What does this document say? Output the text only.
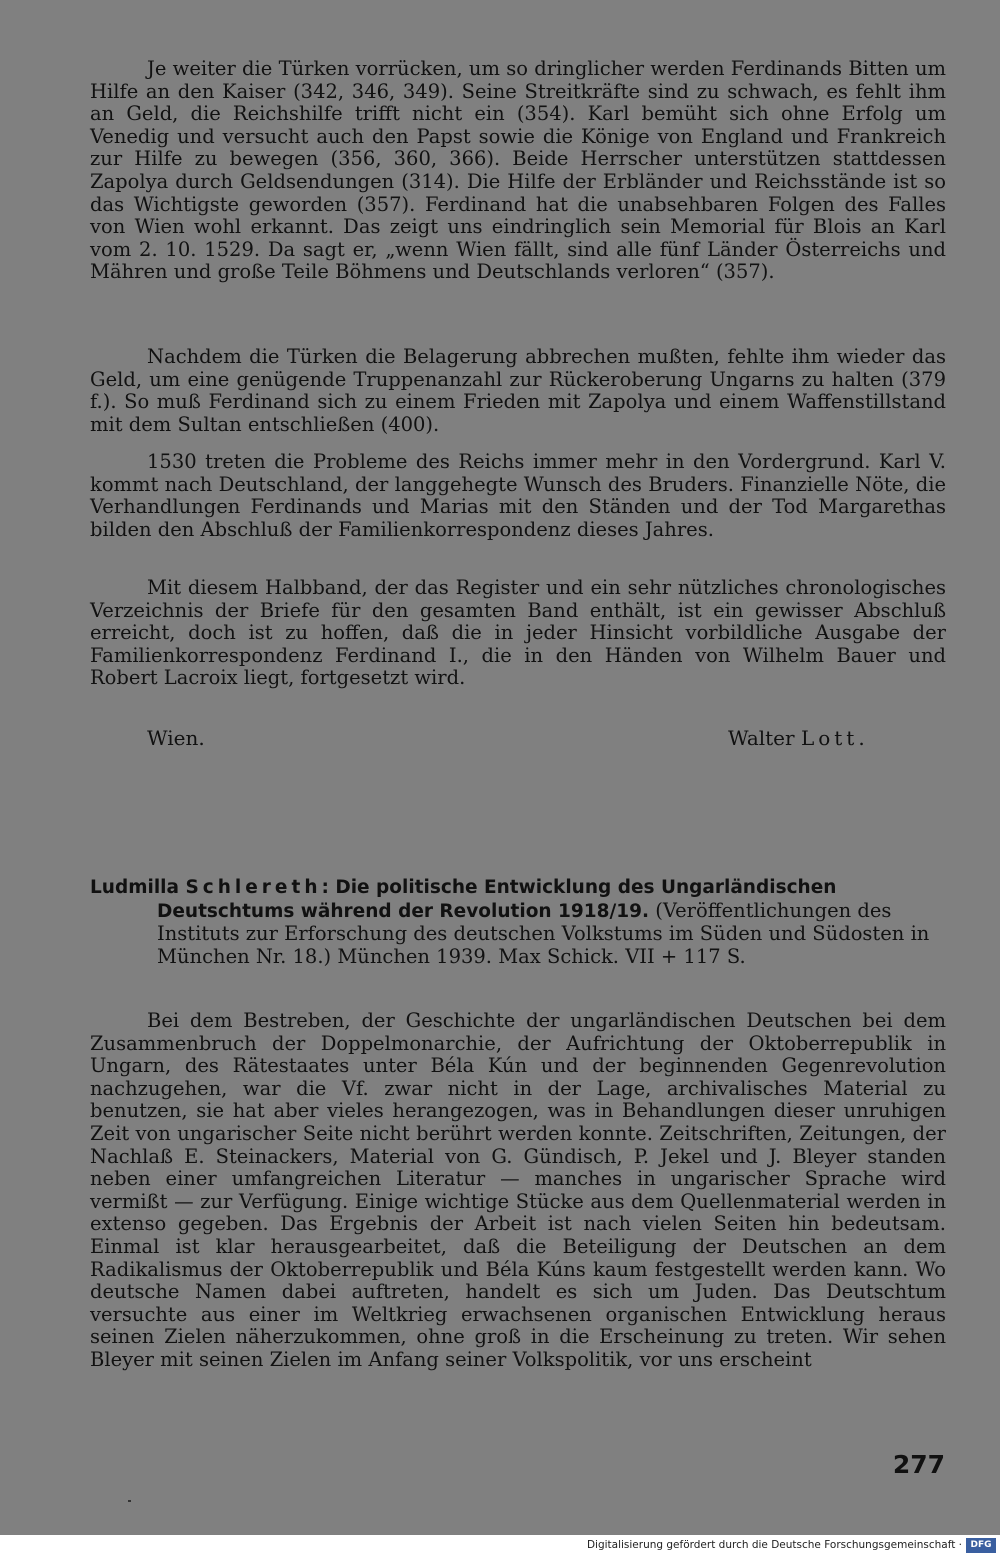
Je weiter die Türken vorrücken, um so dringlicher werden Ferdinands Bitten um Hilfe an den Kaiser (342, 346, 349). Seine Streitkräfte sind zu schwach, es fehlt ihm an Geld, die Reichshilfe trifft nicht ein (354). Karl bemüht sich ohne Erfolg um Venedig und versucht auch den Papst sowie die Könige von England und Frankreich zur Hilfe zu bewegen (356, 360, 366). Beide Herrscher unterstützen stattdessen Zapolya durch Geldsendungen (314). Die Hilfe der Erbländer und Reichsstände ist so das Wichtigste geworden (357). Ferdinand hat die unabsehbaren Folgen des Falles von Wien wohl erkannt. Das zeigt uns eindringlich sein Memorial für Blois an Karl vom 2. 10. 1529. Da sagt er, „wenn Wien fällt, sind alle fünf Länder Österreichs und Mähren und große Teile Böhmens und Deutschlands verloren“ (357).

Nachdem die Türken die Belagerung abbrechen mußten, fehlte ihm wieder das Geld, um eine genügende Truppenanzahl zur Rückeroberung Ungarns zu halten (379 f.). So muß Ferdinand sich zu einem Frieden mit Zapolya und einem Waffenstillstand mit dem Sultan entschließen (400).

1530 treten die Probleme des Reichs immer mehr in den Vordergrund. Karl V. kommt nach Deutschland, der langgehegte Wunsch des Bruders. Finanzielle Nöte, die Verhandlungen Ferdinands und Marias mit den Ständen und der Tod Margarethas bilden den Abschluß der Familienkorrespondenz dieses Jahres.

Mit diesem Halbband, der das Register und ein sehr nützliches chronologisches Verzeichnis der Briefe für den gesamten Band enthält, ist ein gewisser Abschluß erreicht, doch ist zu hoffen, daß die in jeder Hinsicht vorbildliche Ausgabe der Familienkorrespondenz Ferdinand I., die in den Händen von Wilhelm Bauer und Robert Lacroix liegt, fortgesetzt wird.

Wien.	Walter Lott.

Ludmilla Schlereth: Die politische Entwicklung des Ungarländischen Deutschtums während der Revolution 1918/19. (Veröffentlichungen des Instituts zur Erforschung des deutschen Volkstums im Süden und Südosten in München Nr. 18.) München 1939. Max Schick. VII + 117 S.

Bei dem Bestreben, der Geschichte der ungarländischen Deutschen bei dem Zusammenbruch der Doppelmonarchie, der Aufrichtung der Oktoberrepublik in Ungarn, des Rätestaates unter Béla Kún und der beginnenden Gegenrevolution nachzugehen, war die Vf. zwar nicht in der Lage, archivalisches Material zu benutzen, sie hat aber vieles herangezogen, was in Behandlungen dieser unruhigen Zeit von ungarischer Seite nicht berührt werden konnte. Zeitschriften, Zeitungen, der Nachlaß E. Steinackers, Material von G. Gündisch, P. Jekel und J. Bleyer standen neben einer umfangreichen Literatur — manches in ungarischer Sprache wird vermißt — zur Verfügung. Einige wichtige Stücke aus dem Quellenmaterial werden in extenso gegeben. Das Ergebnis der Arbeit ist nach vielen Seiten hin bedeutsam. Einmal ist klar herausgearbeitet, daß die Beteiligung der Deutschen an dem Radikalismus der Oktoberrepublik und Béla Kúns kaum festgestellt werden kann. Wo deutsche Namen dabei auftreten, handelt es sich um Juden. Das Deutschtum versuchte aus einer im Weltkrieg erwachsenen organischen Entwicklung heraus seinen Zielen näherzukommen, ohne groß in die Erscheinung zu treten. Wir sehen Bleyer mit seinen Zielen im Anfang seiner Volkspolitik, vor uns erscheint

277
Digitalisierung gefördert durch die Deutsche Forschungsgemeinschaft · DFG
